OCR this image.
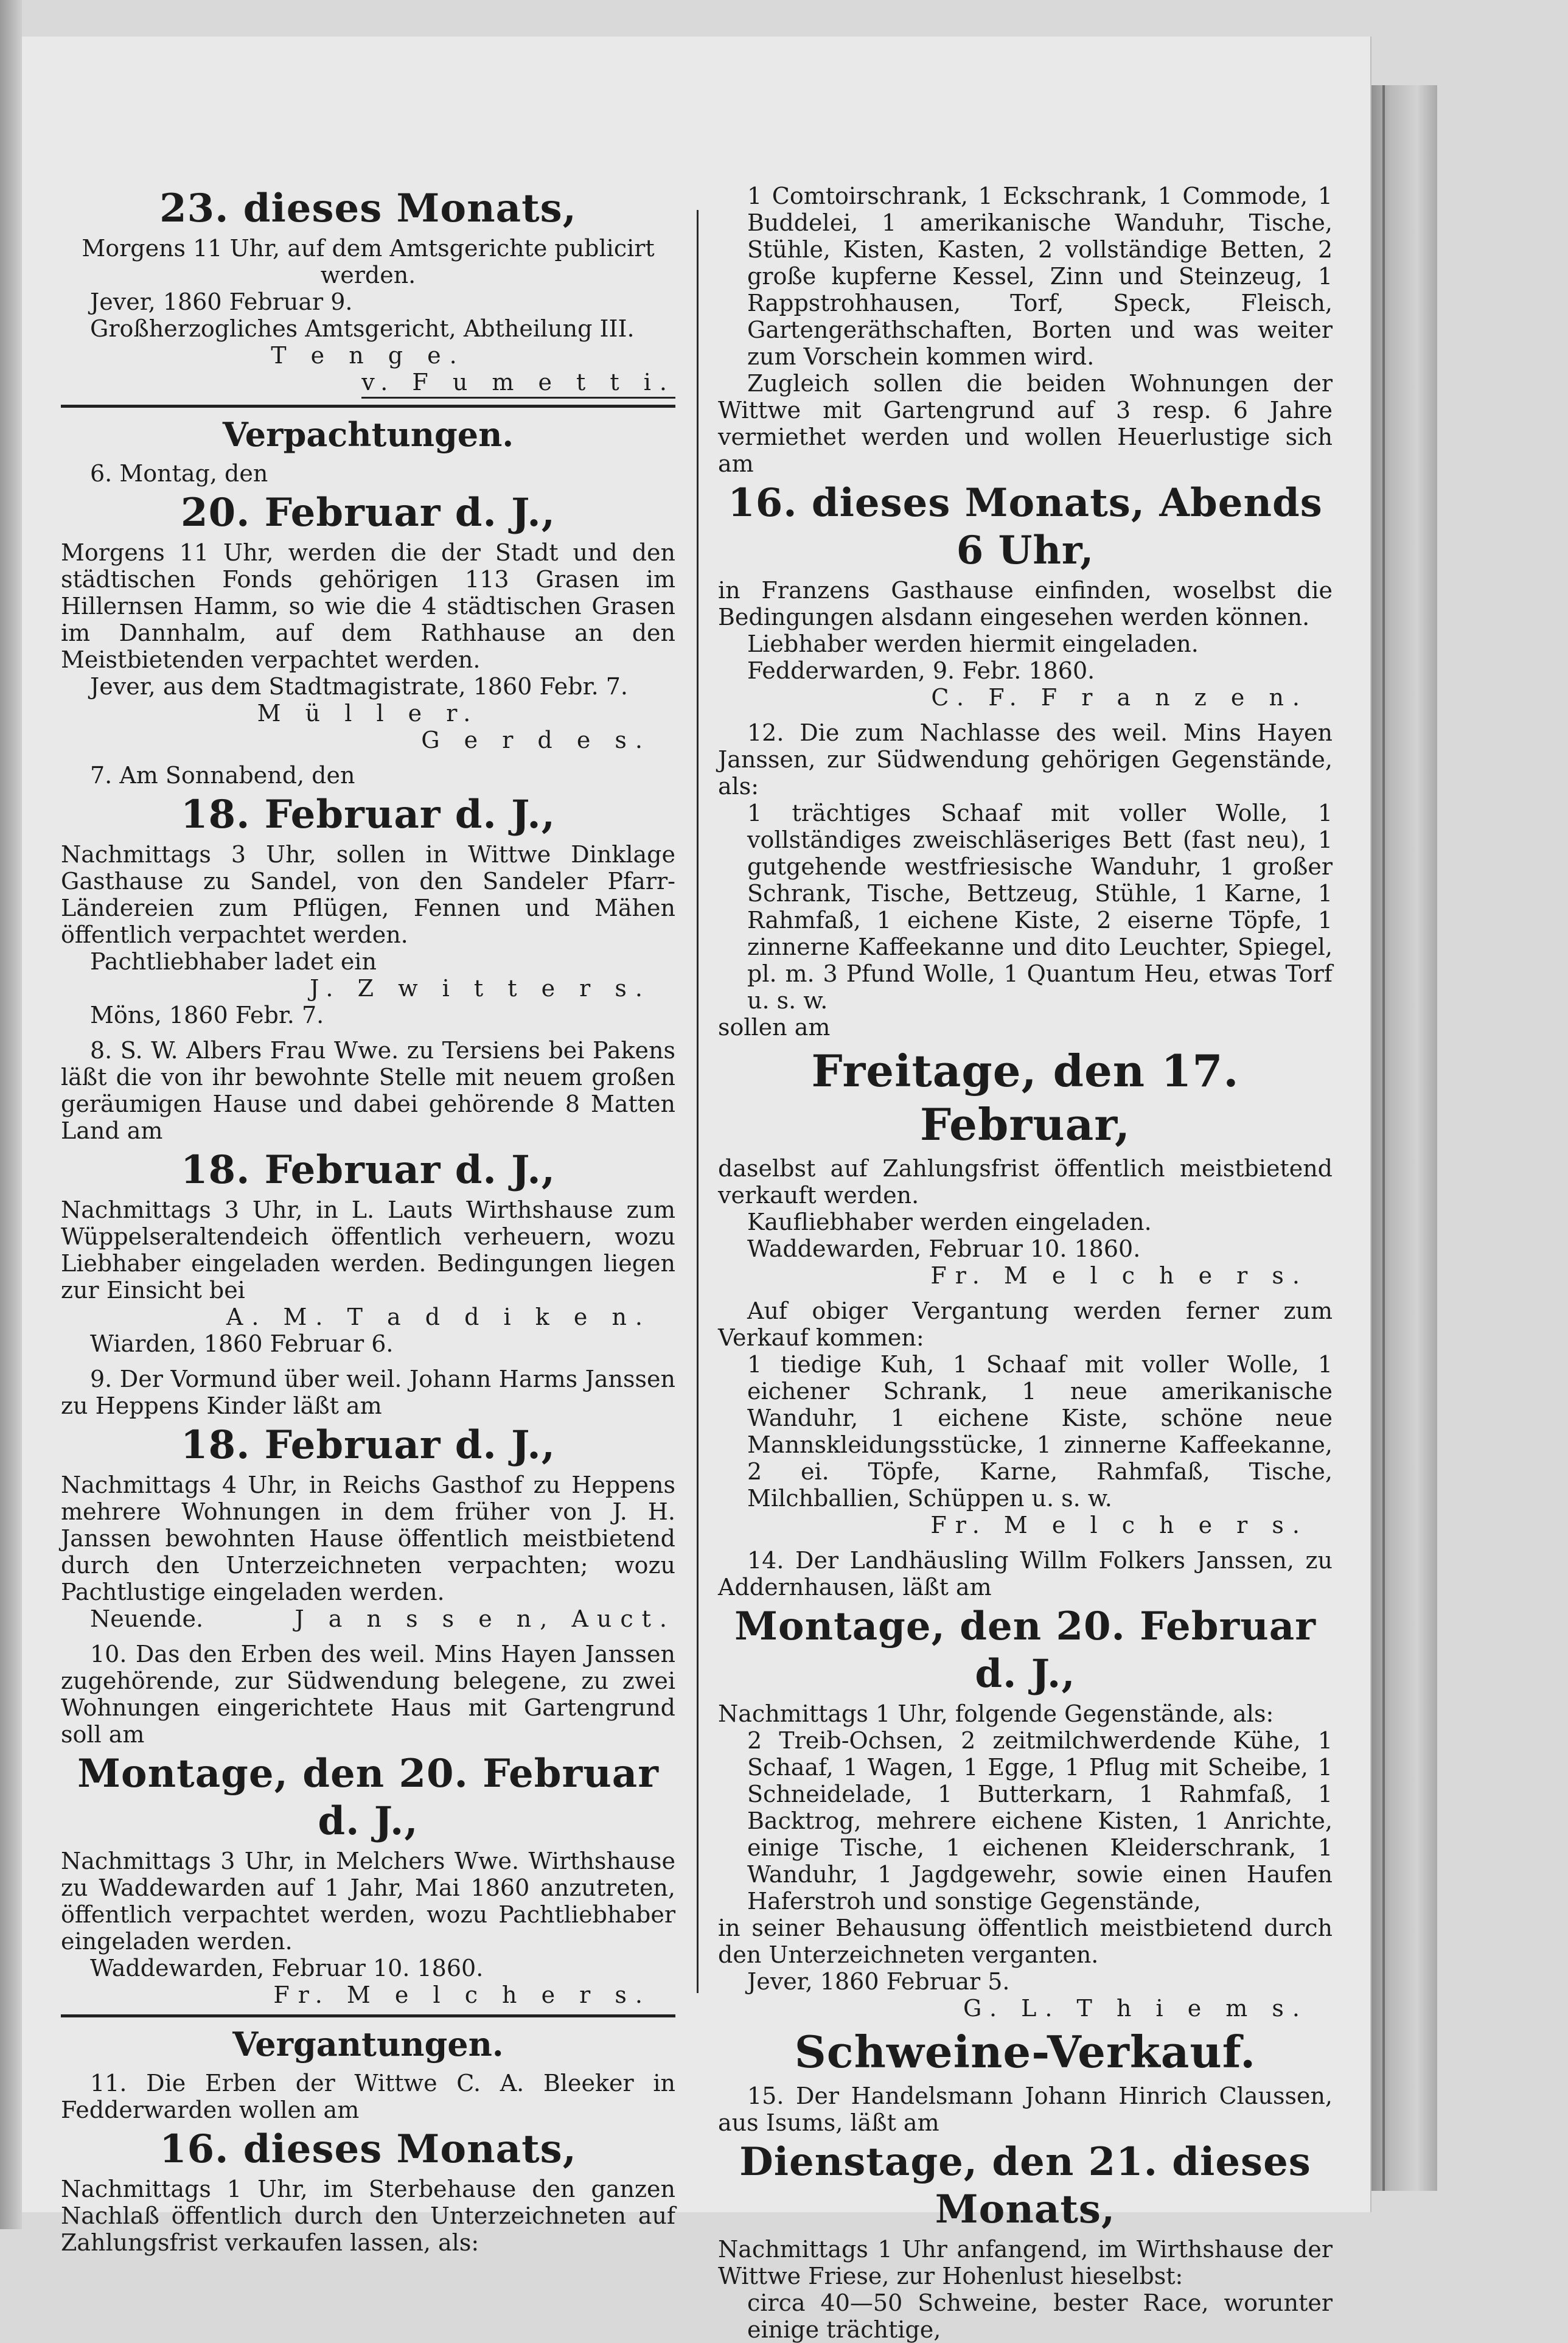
23. dieses Monats,

Morgens 11 Uhr, auf dem Amtsgerichte publicirt werden.

Jever, 1860 Februar 9.

Großherzogliches Amtsgericht, Abtheilung III.

T e n g e.

v. F u m e t t i.

Verpachtungen.

6. Montag, den

20. Februar d. J.,

Morgens 11 Uhr, werden die der Stadt und den städtischen Fonds gehörigen 113 Grasen im Hillernsen Hamm, so wie die 4 städtischen Grasen im Dannhalm, auf dem Rathhause an den Meistbietenden verpachtet werden.

Jever, aus dem Stadtmagistrate, 1860 Febr. 7.

M ü l l e r.

G e r d e s.

7. Am Sonnabend, den

18. Februar d. J.,

Nachmittags 3 Uhr, sollen in Wittwe Dinklage Gasthause zu Sandel, von den Sandeler Pfarr-Ländereien zum Pflügen, Fennen und Mähen öffentlich verpachtet werden.

Pachtliebhaber ladet ein

J. Z w i t t e r s.

Möns, 1860 Febr. 7.

8. S. W. Albers Frau Wwe. zu Tersiens bei Pakens läßt die von ihr bewohnte Stelle mit neuem großen geräumigen Hause und dabei gehörende 8 Matten Land am

18. Februar d. J.,

Nachmittags 3 Uhr, in L. Lauts Wirthshause zum Wüppelseraltendeich öffentlich verheuern, wozu Liebhaber eingeladen werden. Bedingungen liegen zur Einsicht bei

A. M. T a d d i k e n.

Wiarden, 1860 Februar 6.

9. Der Vormund über weil. Johann Harms Janssen zu Heppens Kinder läßt am

18. Februar d. J.,

Nachmittags 4 Uhr, in Reichs Gasthof zu Heppens mehrere Wohnungen in dem früher von J. H. Janssen bewohnten Hause öffentlich meistbietend durch den Unterzeichneten verpachten; wozu Pachtlustige eingeladen werden.

Neuende.	J a n s s e n, Auct.

10. Das den Erben des weil. Mins Hayen Janssen zugehörende, zur Südwendung belegene, zu zwei Wohnungen eingerichtete Haus mit Gartengrund soll am

Montage, den 20. Februar d. J.,

Nachmittags 3 Uhr, in Melchers Wwe. Wirthshause zu Waddewarden auf 1 Jahr, Mai 1860 anzutreten, öffentlich verpachtet werden, wozu Pachtliebhaber eingeladen werden.

Waddewarden, Februar 10. 1860.

Fr. M e l c h e r s.

Vergantungen.

11. Die Erben der Wittwe C. A. Bleeker in Fedderwarden wollen am

16. dieses Monats,

Nachmittags 1 Uhr, im Sterbehause den ganzen Nachlaß öffentlich durch den Unterzeichneten auf Zahlungsfrist verkaufen lassen, als:

1 Comtoirschrank, 1 Eckschrank, 1 Commode, 1 Buddelei, 1 amerikanische Wanduhr, Tische, Stühle, Kisten, Kasten, 2 vollständige Betten, 2 große kupferne Kessel, Zinn und Steinzeug, 1 Rappstrohhausen, Torf, Speck, Fleisch, Gartengeräthschaften, Borten und was weiter zum Vorschein kommen wird.

Zugleich sollen die beiden Wohnungen der Wittwe mit Gartengrund auf 3 resp. 6 Jahre vermiethet werden und wollen Heuerlustige sich am

16. dieses Monats, Abends 6 Uhr,

in Franzens Gasthause einfinden, woselbst die Bedingungen alsdann eingesehen werden können.

Liebhaber werden hiermit eingeladen.

Fedderwarden, 9. Febr. 1860.

C. F. F r a n z e n.

12. Die zum Nachlasse des weil. Mins Hayen Janssen, zur Südwendung gehörigen Gegenstände, als:

1 trächtiges Schaaf mit voller Wolle, 1 vollständiges zweischläseriges Bett (fast neu), 1 gutgehende westfriesische Wanduhr, 1 großer Schrank, Tische, Bettzeug, Stühle, 1 Karne, 1 Rahmfaß, 1 eichene Kiste, 2 eiserne Töpfe, 1 zinnerne Kaffeekanne und dito Leuchter, Spiegel, pl. m. 3 Pfund Wolle, 1 Quantum Heu, etwas Torf u. s. w.

sollen am

Freitage, den 17. Februar,

daselbst auf Zahlungsfrist öffentlich meistbietend verkauft werden.

Kaufliebhaber werden eingeladen.

Waddewarden, Februar 10. 1860.

Fr. M e l c h e r s.

Auf obiger Vergantung werden ferner zum Verkauf kommen:

1 tiedige Kuh, 1 Schaaf mit voller Wolle, 1 eichener Schrank, 1 neue amerikanische Wanduhr, 1 eichene Kiste, schöne neue Mannskleidungsstücke, 1 zinnerne Kaffeekanne, 2 ei. Töpfe, Karne, Rahmfaß, Tische, Milchballien, Schüppen u. s. w.

Fr. M e l c h e r s.

14. Der Landhäusling Willm Folkers Janssen, zu Addernhausen, läßt am

Montage, den 20. Februar d. J.,

Nachmittags 1 Uhr, folgende Gegenstände, als:

2 Treib-Ochsen, 2 zeitmilchwerdende Kühe, 1 Schaaf, 1 Wagen, 1 Egge, 1 Pflug mit Scheibe, 1 Schneidelade, 1 Butterkarn, 1 Rahmfaß, 1 Backtrog, mehrere eichene Kisten, 1 Anrichte, einige Tische, 1 eichenen Kleiderschrank, 1 Wanduhr, 1 Jagdgewehr, sowie einen Haufen Haferstroh und sonstige Gegenstände,

in seiner Behausung öffentlich meistbietend durch den Unterzeichneten verganten.

Jever, 1860 Februar 5.

G. L. T h i e m s.

Schweine-Verkauf.

15. Der Handelsmann Johann Hinrich Claussen, aus Isums, läßt am

Dienstage, den 21. dieses Monats,

Nachmittags 1 Uhr anfangend, im Wirthshause der Wittwe Friese, zur Hohenlust hieselbst:

circa 40—50 Schweine, bester Race, worunter einige trächtige,
